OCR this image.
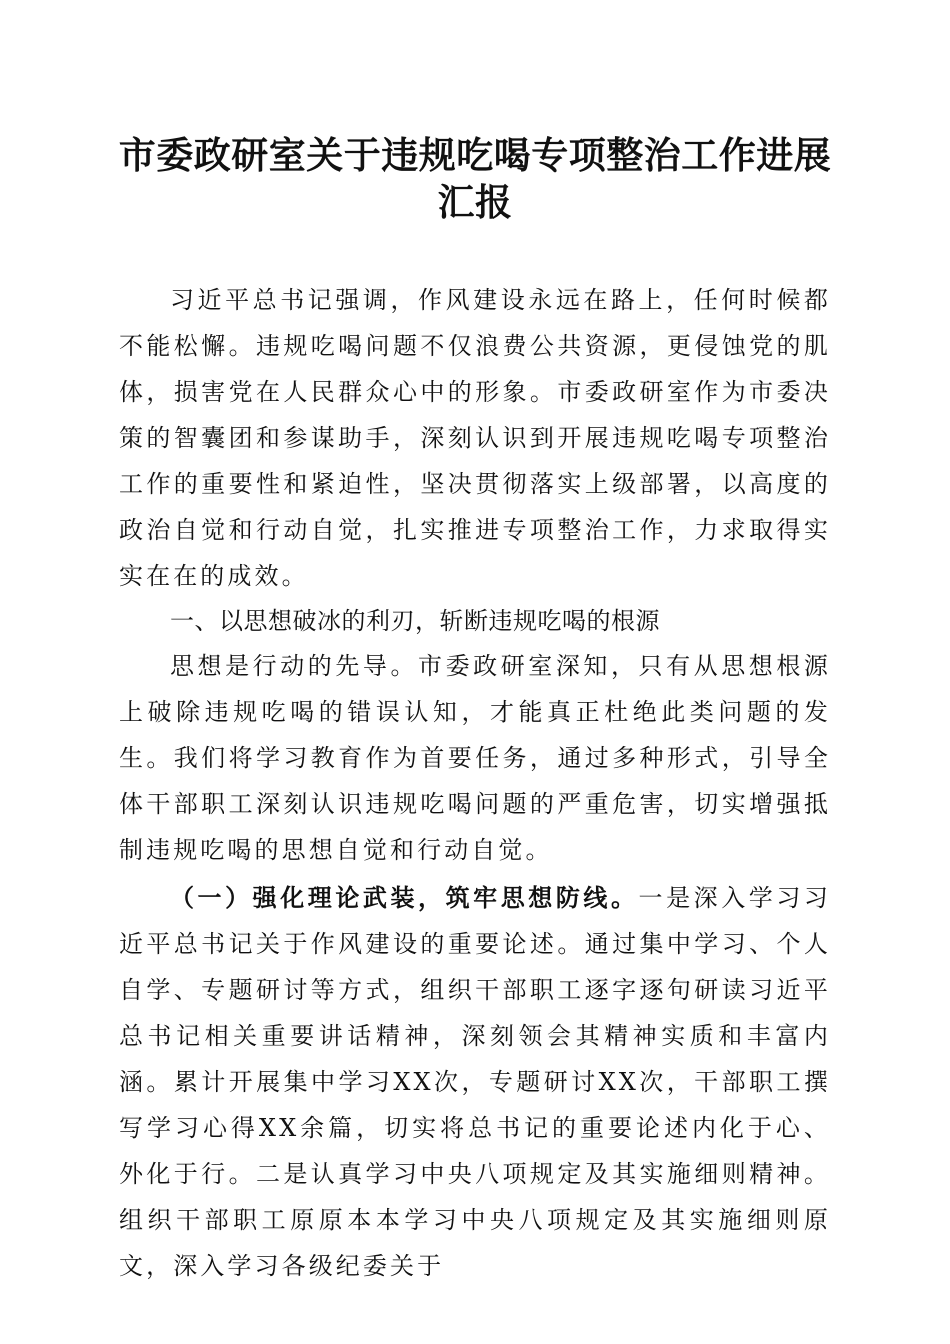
市委政研室关于违规吃喝专项整治工作进展汇报

习近平总书记强调，作风建设永远在路上，任何时候都不能松懈。违规吃喝问题不仅浪费公共资源，更侵蚀党的肌体，损害党在人民群众心中的形象。市委政研室作为市委决策的智囊团和参谋助手，深刻认识到开展违规吃喝专项整治工作的重要性和紧迫性，坚决贯彻落实上级部署，以高度的政治自觉和行动自觉，扎实推进专项整治工作，力求取得实实在在的成效。

一、以思想破冰的利刃，斩断违规吃喝的根源

思想是行动的先导。市委政研室深知，只有从思想根源上破除违规吃喝的错误认知，才能真正杜绝此类问题的发生。我们将学习教育作为首要任务，通过多种形式，引导全体干部职工深刻认识违规吃喝问题的严重危害，切实增强抵制违规吃喝的思想自觉和行动自觉。

（一）强化理论武装，筑牢思想防线。一是深入学习习近平总书记关于作风建设的重要论述。通过集中学习、个人自学、专题研讨等方式，组织干部职工逐字逐句研读习近平总书记相关重要讲话精神，深刻领会其精神实质和丰富内涵。累计开展集中学习XX次，专题研讨XX次，干部职工撰写学习心得XX余篇，切实将总书记的重要论述内化于心、外化于行。二是认真学习中央八项规定及其实施细则精神。组织干部职工原原本本学习中央八项规定及其实施细则原文，深入学习各级纪委关于
